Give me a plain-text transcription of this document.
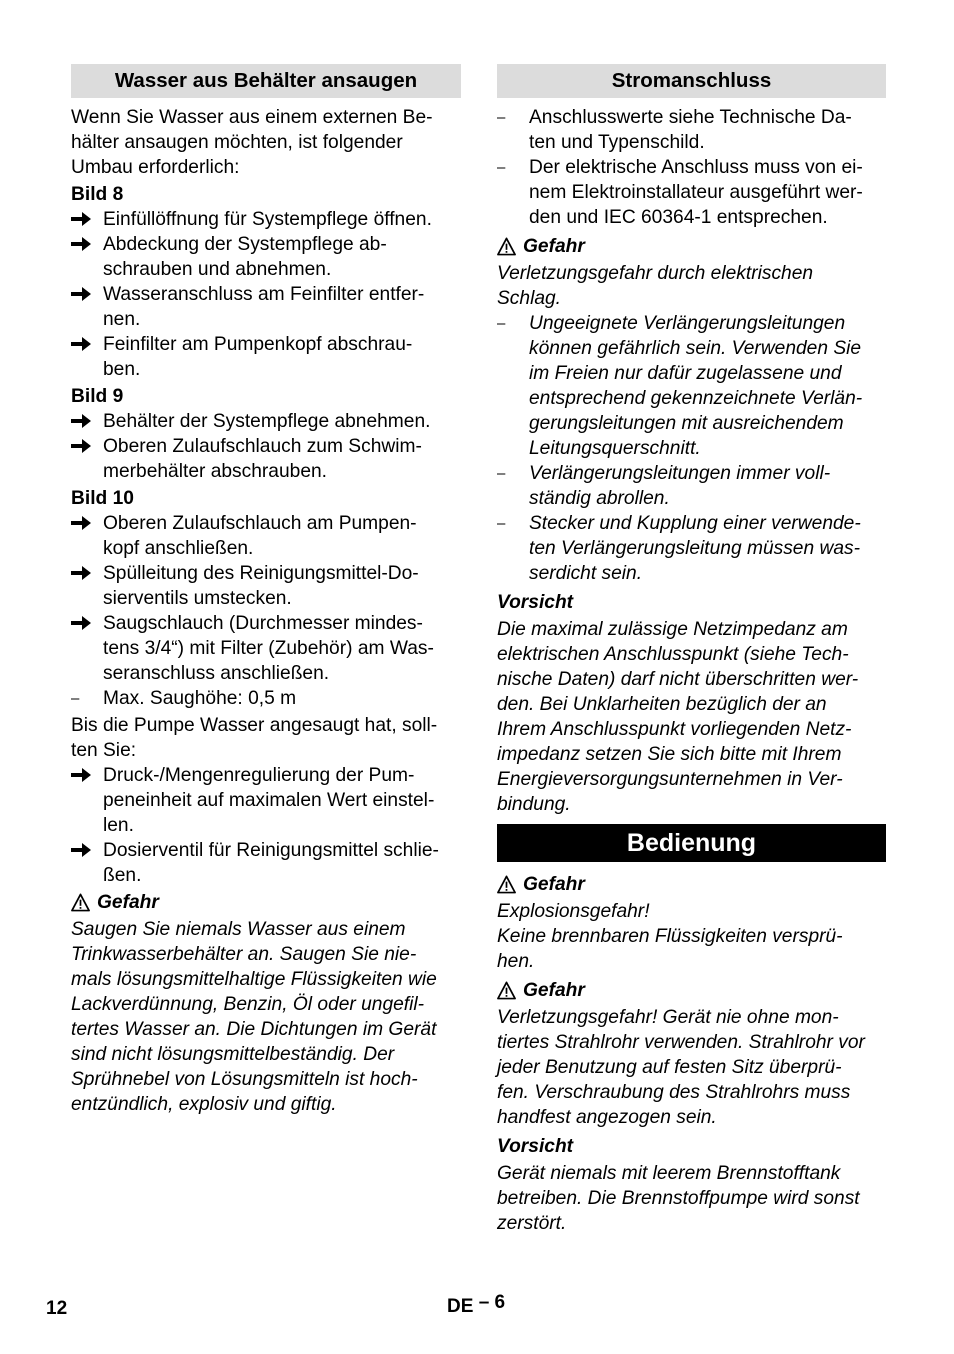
Wasser aus Behälter ansaugen
Wenn Sie Wasser aus einem externen Be-
hälter ansaugen möchten, ist folgender
Umbau erforderlich:
Bild 8
Einfüllöffnung für Systempflege öffnen.
Abdeckung der Systempflege ab-
schrauben und abnehmen.
Wasseranschluss am Feinfilter entfer-
nen.
Feinfilter am Pumpenkopf abschrau-
ben.
Bild 9
Behälter der Systempflege abnehmen.
Oberen Zulaufschlauch zum Schwim-
merbehälter abschrauben.
Bild 10
Oberen Zulaufschlauch am Pumpen-
kopf anschließen.
Spülleitung des Reinigungsmittel-Do-
sierventils umstecken.
Saugschlauch (Durchmesser mindes-
tens 3/4“) mit Filter (Zubehör) am Was-
seranschluss anschließen.
–	Max. Saughöhe: 0,5 m
Bis die Pumpe Wasser angesaugt hat, soll-
ten Sie:
Druck-/Mengenregulierung der Pum-
peneinheit auf maximalen Wert einstel-
len.
Dosierventil für Reinigungsmittel schlie-
ßen.
Gefahr
Saugen Sie niemals Wasser aus einem
Trinkwasserbehälter an. Saugen Sie nie-
mals lösungsmittelhaltige Flüssigkeiten wie
Lackverdünnung, Benzin, Öl oder ungefil-
tertes Wasser an. Die Dichtungen im Gerät
sind nicht lösungsmittelbeständig. Der
Sprühnebel von Lösungsmitteln ist hoch-
entzündlich, explosiv und giftig.
Stromanschluss
–	Anschlusswerte siehe Technische Da-
ten und Typenschild.
–	Der elektrische Anschluss muss von ei-
nem Elektroinstallateur ausgeführt wer-
den und IEC 60364-1 entsprechen.
Gefahr
Verletzungsgefahr durch elektrischen
Schlag.
–	Ungeeignete Verlängerungsleitungen
können gefährlich sein. Verwenden Sie
im Freien nur dafür zugelassene und
entsprechend gekennzeichnete Verlän-
gerungsleitungen mit ausreichendem
Leitungsquerschnitt.
–	Verlängerungsleitungen immer voll-
ständig abrollen.
–	Stecker und Kupplung einer verwende-
ten Verlängerungsleitung müssen was-
serdicht sein.
Vorsicht
Die maximal zulässige Netzimpedanz am
elektrischen Anschlusspunkt (siehe Tech-
nische Daten) darf nicht überschritten wer-
den. Bei Unklarheiten bezüglich der an
Ihrem Anschlusspunkt vorliegenden Netz-
impedanz setzen Sie sich bitte mit Ihrem
Energieversorgungsunternehmen in Ver-
bindung.
Bedienung
Gefahr
Explosionsgefahr!
Keine brennbaren Flüssigkeiten versprü-
hen.
Gefahr
Verletzungsgefahr! Gerät nie ohne mon-
tiertes Strahlrohr verwenden. Strahlrohr vor
jeder Benutzung auf festen Sitz überprü-
fen. Verschraubung des Strahlrohrs muss
handfest angezogen sein.
Vorsicht
Gerät niemals mit leerem Brennstofftank
betreiben. Die Brennstoffpumpe wird sonst
zerstört.
12	DE – 6
